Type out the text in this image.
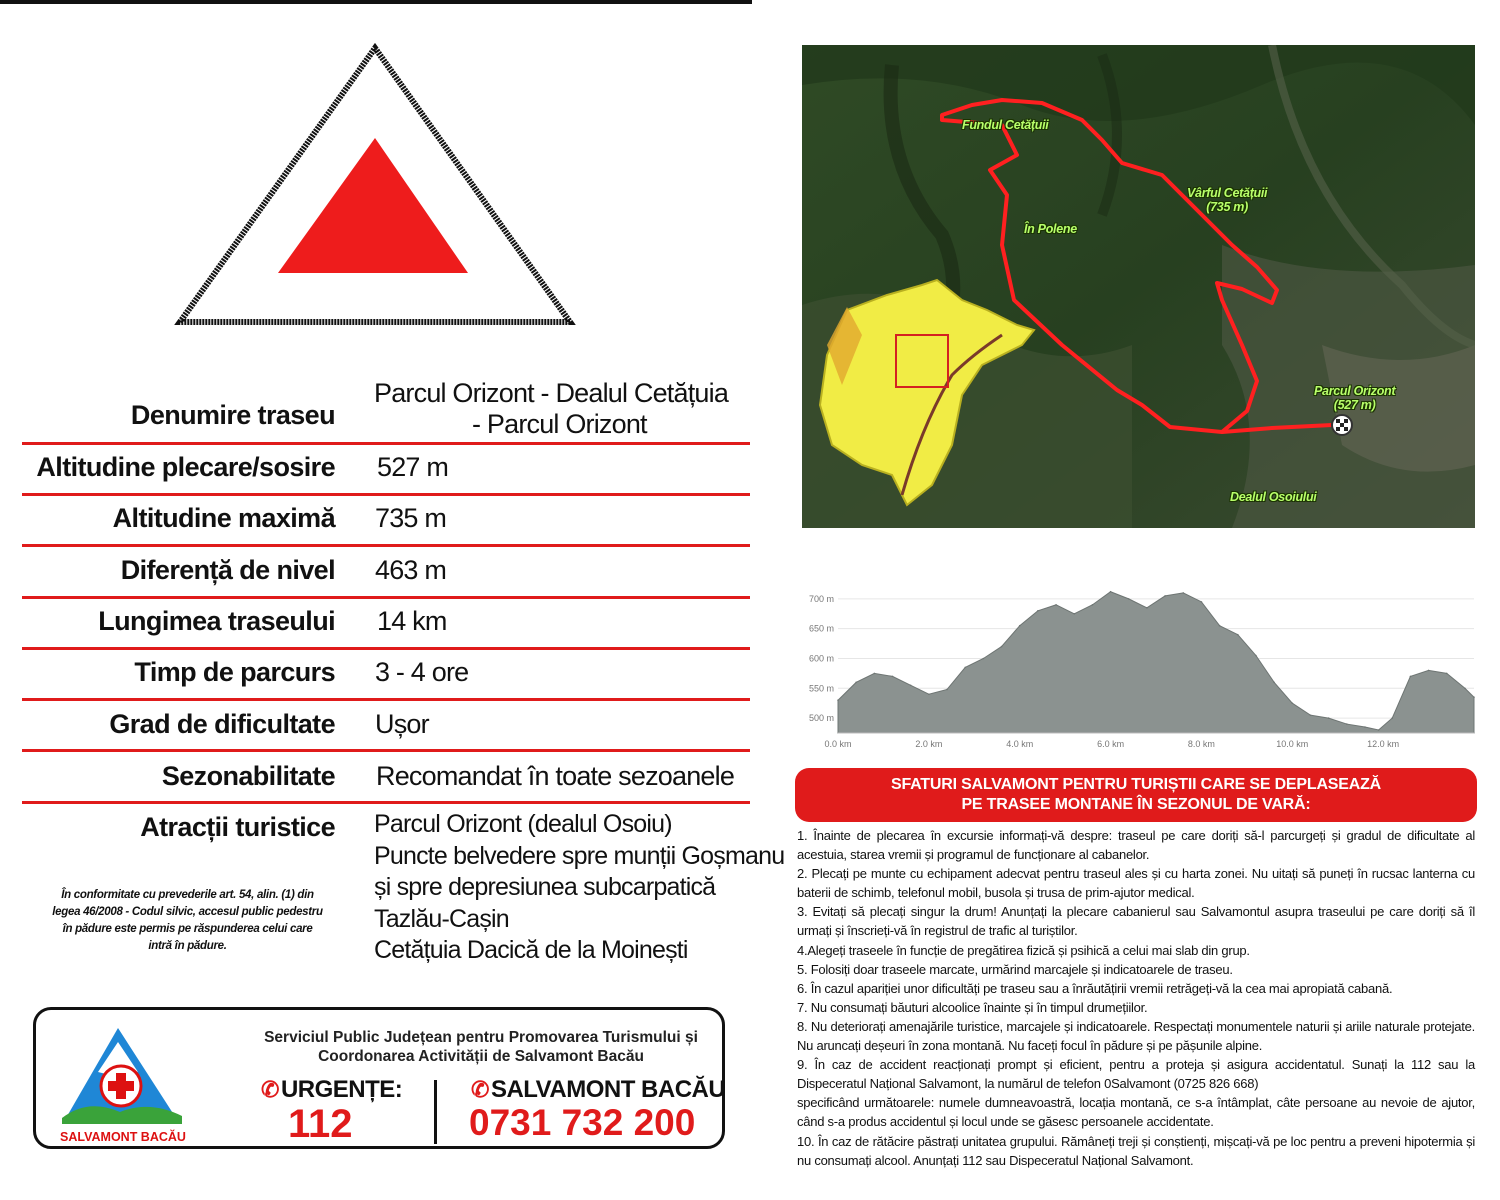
Denumire traseu
Parcul Orizont - Dealul Cetățuia
- Parcul Orizont
Altitudine plecare/sosire 527 m
Altitudine maximă 735 m
Diferență de nivel 463 m
Lungimea traseului 14 km
Timp de parcurs 3 - 4 ore
Grad de dificultate Ușor
Sezonabilitate Recomandat în toate sezoanele
Atracții turistice Parcul Orizont (dealul Osoiu)
Puncte belvedere spre munții Goșmanu
și spre depresiunea subcarpatică
Tazlău-Cașin
Cetățuia Dacică de la Moinești
În conformitate cu prevederile art. 54, alin. (1) din legea 46/2008 - Codul silvic, accesul public pedestru în pădure este permis pe răspunderea celui care intră în pădure.
SALVAMONT BACĂU
Serviciul Public Județean pentru Promovarea Turismului și
Coordonarea Activității de Salvamont Bacău
✆URGENȚE:
112
✆SALVAMONT BACĂU
0731 732 200
Fundul Cetățuii
Vârful Cetățuii
(735 m)
În Polene
Parcul Orizont
(527 m)
Dealul Osoiului
700 m
650 m
600 m
550 m
500 m
0.0 km	2.0 km	4.0 km	6.0 km	8.0 km	10.0 km	12.0 km
SFATURI SALVAMONT PENTRU TURIȘTII CARE SE DEPLASEAZĂ
PE TRASEE MONTANE ÎN SEZONUL DE VARĂ:

1. Înainte de plecarea în excursie informați-vă despre: traseul pe care doriți să-l parcurgeți și gradul de dificultate al acestuia, starea vremii și programul de funcționare al cabanelor.

2. Plecați pe munte cu echipament adecvat pentru traseul ales și cu harta zonei. Nu uitați să puneți în rucsac lanterna cu baterii de schimb, telefonul mobil, busola și trusa de prim-ajutor medical.

3. Evitați să plecați singur la drum! Anunțați la plecare cabanierul sau Salvamontul asupra traseului pe care doriți să îl urmați și înscrieți-vă în registrul de trafic al turiștilor.

4.Alegeți traseele în funcție de pregătirea fizică și psihică a celui mai slab din grup.

5. Folosiți doar traseele marcate, urmărind marcajele și indicatoarele de traseu.

6. În cazul apariției unor dificultăți pe traseu sau a înrăutățirii vremii retrăgeți-vă la cea mai apropiată cabană.

7. Nu consumați băuturi alcoolice înainte și în timpul drumețiilor.

8. Nu deteriorați amenajările turistice, marcajele și indicatoarele. Respectați monumentele naturii și ariile naturale protejate. Nu aruncați deșeuri în zona montană. Nu faceți focul în pădure și pe pășunile alpine.

9. În caz de accident reacționați prompt și eficient, pentru a proteja și asigura accidentatul. Sunați la 112 sau la Dispeceratul Național Salvamont, la numărul de telefon 0Salvamont (0725 826 668)

specificând următoarele: numele dumneavoastră, locația montană, ce s-a întâmplat, câte persoane au nevoie de ajutor, când s-a produs accidentul și locul unde se găsesc persoanele accidentate.

10. În caz de rătăcire păstrați unitatea grupului. Rămâneți treji și conștienți, mișcați-vă pe loc pentru a preveni hipotermia și nu consumați alcool. Anunțați 112 sau Dispeceratul Național Salvamont.
